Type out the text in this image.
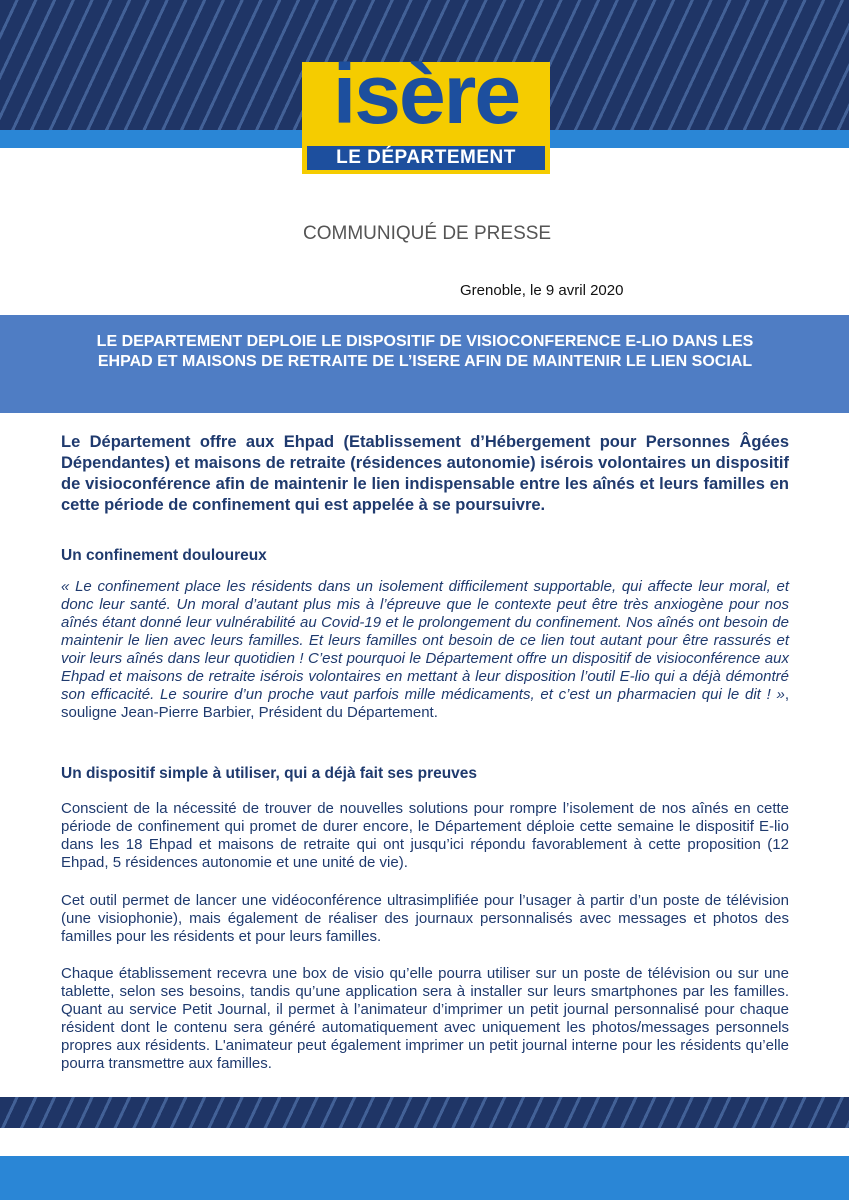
isère
LE DÉPARTEMENT
COMMUNIQUÉ DE PRESSE
Grenoble, le 9 avril 2020

LE DEPARTEMENT DEPLOIE LE DISPOSITIF DE VISIOCONFERENCE E-LIO DANS LES EHPAD ET MAISONS DE RETRAITE DE L’ISERE AFIN DE MAINTENIR LE LIEN SOCIAL

Le Département offre aux Ehpad (Etablissement d’Hébergement pour Personnes Âgées Dépendantes) et maisons de retraite (résidences autonomie) isérois volontaires un dispositif de visioconférence afin de maintenir le lien indispensable entre les aînés et leurs familles en cette période de confinement qui est appelée à se poursuivre.

Un confinement douloureux

« Le confinement place les résidents dans un isolement difficilement supportable, qui affecte leur moral, et donc leur santé. Un moral d’autant plus mis à l’épreuve que le contexte peut être très anxiogène pour nos aînés étant donné leur vulnérabilité au Covid-19 et le prolongement du confinement. Nos aînés ont besoin de maintenir le lien avec leurs familles. Et leurs familles ont besoin de ce lien tout autant pour être rassurés et voir leurs aînés dans leur quotidien ! C’est pourquoi le Département offre un dispositif de visioconférence aux Ehpad et maisons de retraite isérois volontaires en mettant à leur disposition l’outil E-lio qui a déjà démontré son efficacité. Le sourire d’un proche vaut parfois mille médicaments, et c’est un pharmacien qui le dit ! », souligne Jean-Pierre Barbier, Président du Département.

Un dispositif simple à utiliser, qui a déjà fait ses preuves

Conscient de la nécessité de trouver de nouvelles solutions pour rompre l’isolement de nos aînés en cette période de confinement qui promet de durer encore, le Département déploie cette semaine le dispositif E-lio dans les 18 Ehpad et maisons de retraite qui ont jusqu’ici répondu favorablement à cette proposition (12 Ehpad, 5 résidences autonomie et une unité de vie).

Cet outil permet de lancer une vidéoconférence ultrasimplifiée pour l’usager à partir d’un poste de télévision (une visiophonie), mais également de réaliser des journaux personnalisés avec messages et photos des familles pour les résidents et pour leurs familles.

Chaque établissement recevra une box de visio qu’elle pourra utiliser sur un poste de télévision ou sur une tablette, selon ses besoins, tandis qu’une application sera à installer sur leurs smartphones par les familles. Quant au service Petit Journal, il permet à l’animateur d’imprimer un petit journal personnalisé pour chaque résident dont le contenu sera généré automatiquement avec uniquement les photos/messages personnels propres aux résidents. L'animateur peut également imprimer un petit journal interne pour les résidents qu’elle pourra transmettre aux familles.
